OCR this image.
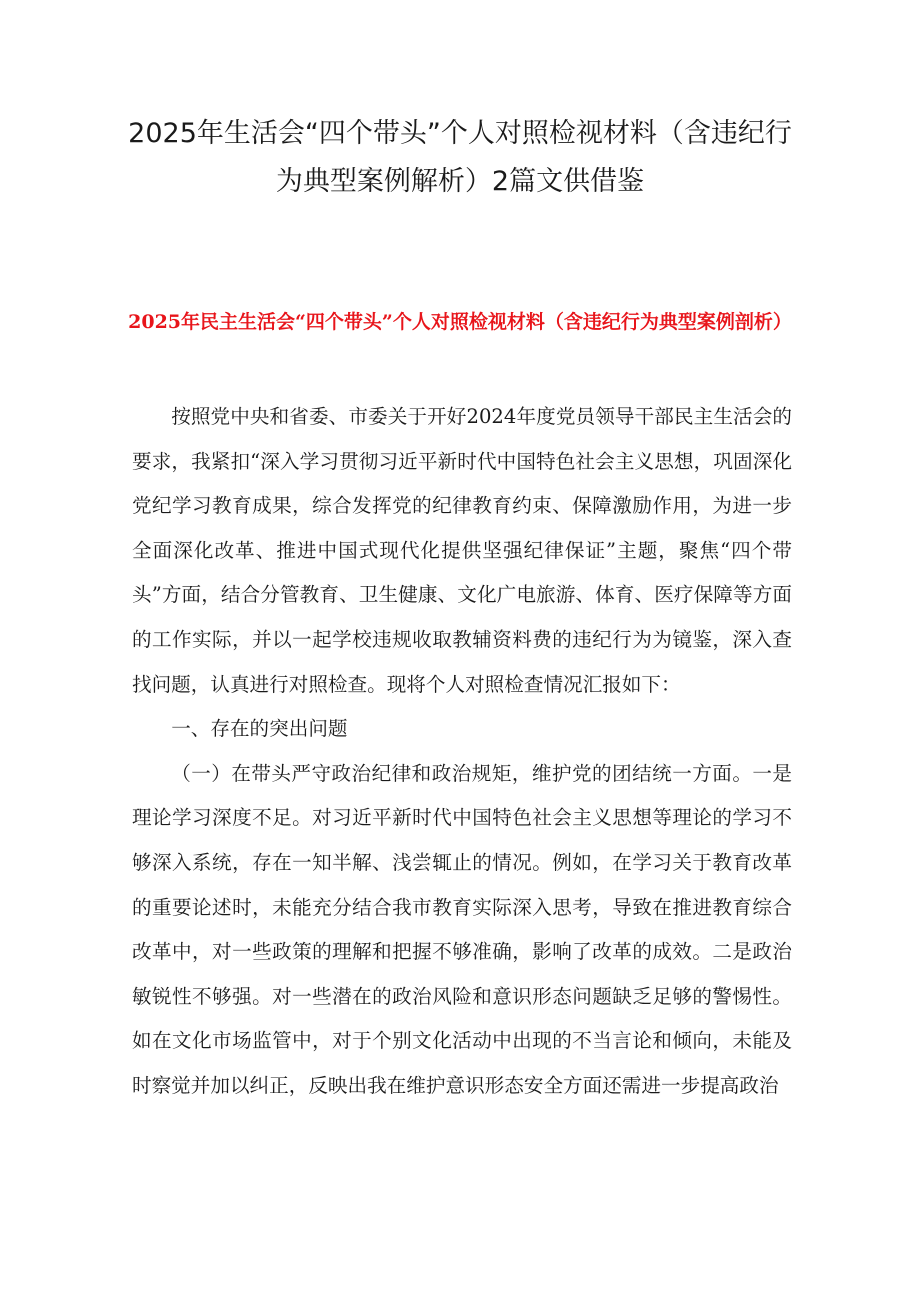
2025年生活会“四个带头”个人对照检视材料（含违纪行为典型案例解析）2篇文供借鉴
2025年民主生活会“四个带头”个人对照检视材料（含违纪行为典型案例剖析）

按照党中央和省委、市委关于开好2024年度党员领导干部民主生活会的要求，我紧扣“深入学习贯彻习近平新时代中国特色社会主义思想，巩固深化党纪学习教育成果，综合发挥党的纪律教育约束、保障激励作用，为进一步全面深化改革、推进中国式现代化提供坚强纪律保证”主题，聚焦“四个带头”方面，结合分管教育、卫生健康、文化广电旅游、体育、医疗保障等方面的工作实际，并以一起学校违规收取教辅资料费的违纪行为为镜鉴，深入查找问题，认真进行对照检查。现将个人对照检查情况汇报如下：

一、存在的突出问题

（一）在带头严守政治纪律和政治规矩，维护党的团结统一方面。一是理论学习深度不足。对习近平新时代中国特色社会主义思想等理论的学习不够深入系统，存在一知半解、浅尝辄止的情况。例如，在学习关于教育改革的重要论述时，未能充分结合我市教育实际深入思考，导致在推进教育综合改革中，对一些政策的理解和把握不够准确，影响了改革的成效。二是政治敏锐性不够强。对一些潜在的政治风险和意识形态问题缺乏足够的警惕性。如在文化市场监管中，对于个别文化活动中出现的不当言论和倾向，未能及时察觉并加以纠正，反映出我在维护意识形态安全方面还需进一步提高政治
